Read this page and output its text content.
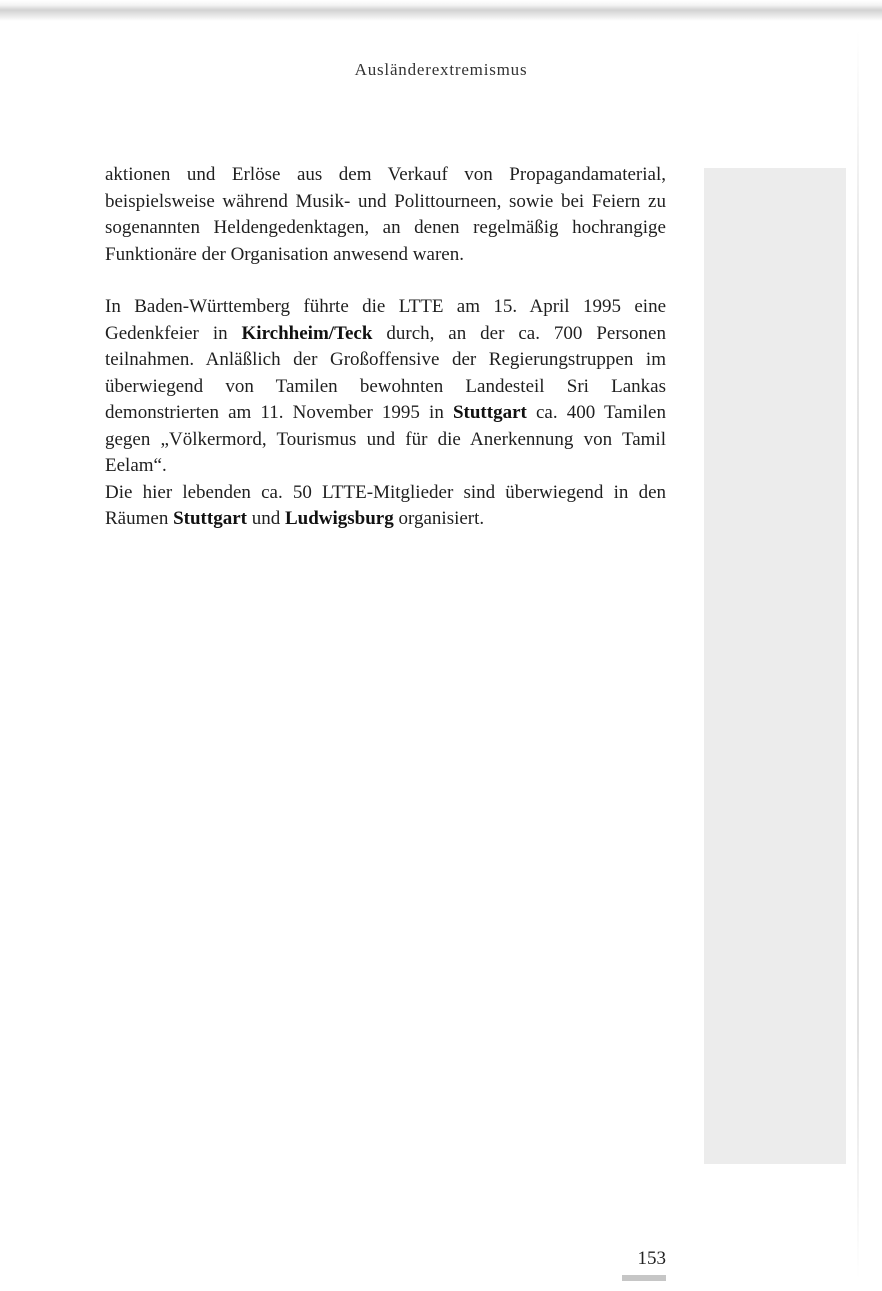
Ausländerextremismus

aktionen und Erlöse aus dem Verkauf von Propagandamaterial, beispielsweise während Musik- und Polittourneen, sowie bei Feiern zu sogenannten Heldengedenktagen, an denen regelmäßig hochrangige Funktionäre der Organisation anwesend waren.

In Baden-Württemberg führte die LTTE am 15. April 1995 eine Gedenkfeier in Kirchheim/Teck durch, an der ca. 700 Personen teilnahmen. Anläßlich der Großoffensive der Regierungstruppen im überwiegend von Tamilen bewohnten Landesteil Sri Lankas demonstrierten am 11. November 1995 in Stuttgart ca. 400 Tamilen gegen „Völkermord, Tourismus und für die Anerkennung von Tamil Eelam“.

Die hier lebenden ca. 50 LTTE-Mitglieder sind überwiegend in den Räumen Stuttgart und Ludwigsburg organisiert.

153
